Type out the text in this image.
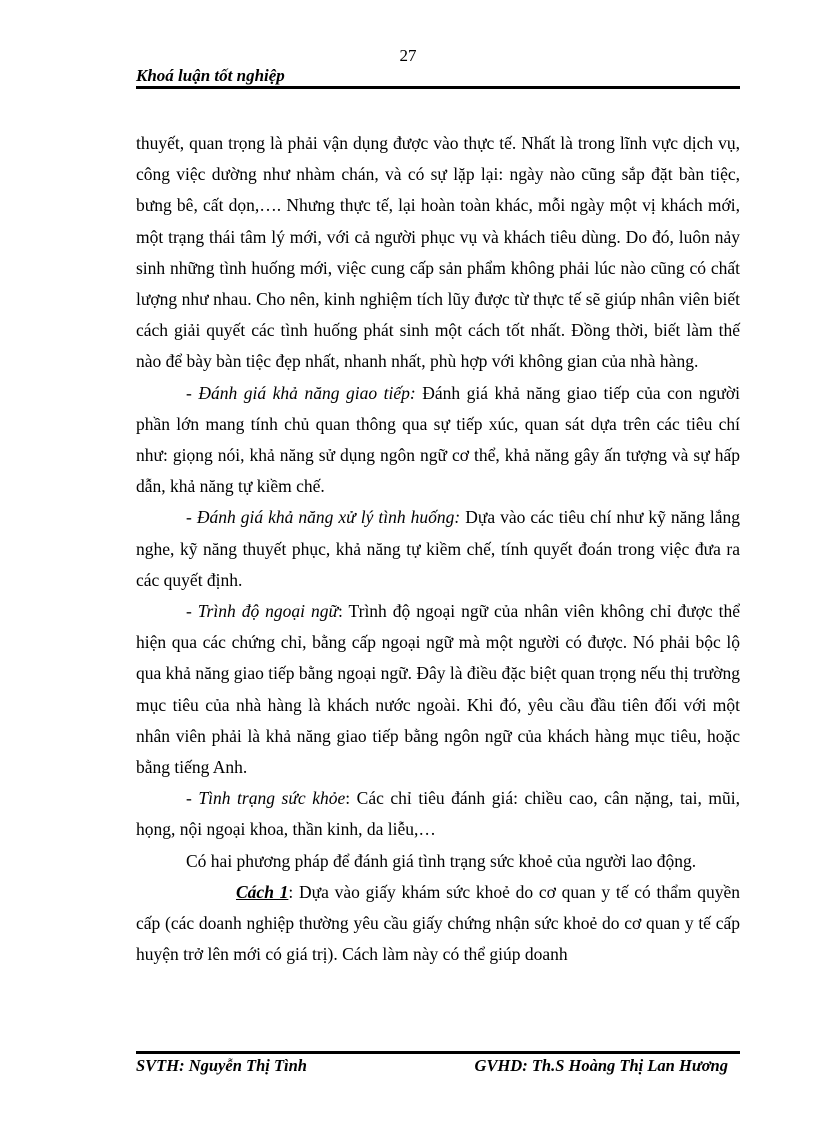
27
Khoá luận tốt nghiệp

thuyết, quan trọng là phải vận dụng được vào thực tế. Nhất là trong lĩnh vực dịch vụ, công việc dường như nhàm chán, và có sự lặp lại: ngày nào cũng sắp đặt bàn tiệc, bưng bê, cất dọn,…. Nhưng thực tế, lại hoàn toàn khác, mỗi ngày một vị khách mới, một trạng thái tâm lý mới, với cả người phục vụ và khách tiêu dùng. Do đó, luôn nảy sinh những tình huống mới, việc cung cấp sản phẩm không phải lúc nào cũng có chất lượng như nhau. Cho nên, kinh nghiệm tích lũy được từ thực tế sẽ giúp nhân viên biết cách giải quyết các tình huống phát sinh một cách tốt nhất. Đồng thời, biết làm thế nào để bày bàn tiệc đẹp nhất, nhanh nhất, phù hợp với không gian của nhà hàng.

- Đánh giá khả năng giao tiếp: Đánh giá khả năng giao tiếp của con người phần lớn mang tính chủ quan thông qua sự tiếp xúc, quan sát dựa trên các tiêu chí như: giọng nói, khả năng sử dụng ngôn ngữ cơ thể, khả năng gây ấn tượng và sự hấp dẫn, khả năng tự kiềm chế.

- Đánh giá khả năng xử lý tình huống: Dựa vào các tiêu chí như kỹ năng lắng nghe, kỹ năng thuyết phục, khả năng tự kiềm chế, tính quyết đoán trong việc đưa ra các quyết định.

- Trình độ ngoại ngữ: Trình độ ngoại ngữ của nhân viên không chỉ được thể hiện qua các chứng chỉ, bằng cấp ngoại ngữ mà một người có được. Nó phải bộc lộ qua khả năng giao tiếp bằng ngoại ngữ. Đây là điều đặc biệt quan trọng nếu thị trường mục tiêu của nhà hàng là khách nước ngoài. Khi đó, yêu cầu đầu tiên đối với một nhân viên phải là khả năng giao tiếp bằng ngôn ngữ của khách hàng mục tiêu, hoặc bằng tiếng Anh.

- Tình trạng sức khỏe: Các chỉ tiêu đánh giá: chiều cao, cân nặng, tai, mũi, họng, nội ngoại khoa, thần kinh, da liễu,…

Có hai phương pháp để đánh giá tình trạng sức khoẻ của người lao động.

Cách 1: Dựa vào giấy khám sức khoẻ do cơ quan y tế có thẩm quyền cấp (các doanh nghiệp thường yêu cầu giấy chứng nhận sức khoẻ do cơ quan y tế cấp huyện trở lên mới có giá trị). Cách làm này có thể giúp doanh

SVTH: Nguyễn Thị Tình	GVHD: Th.S Hoàng Thị Lan Hương
